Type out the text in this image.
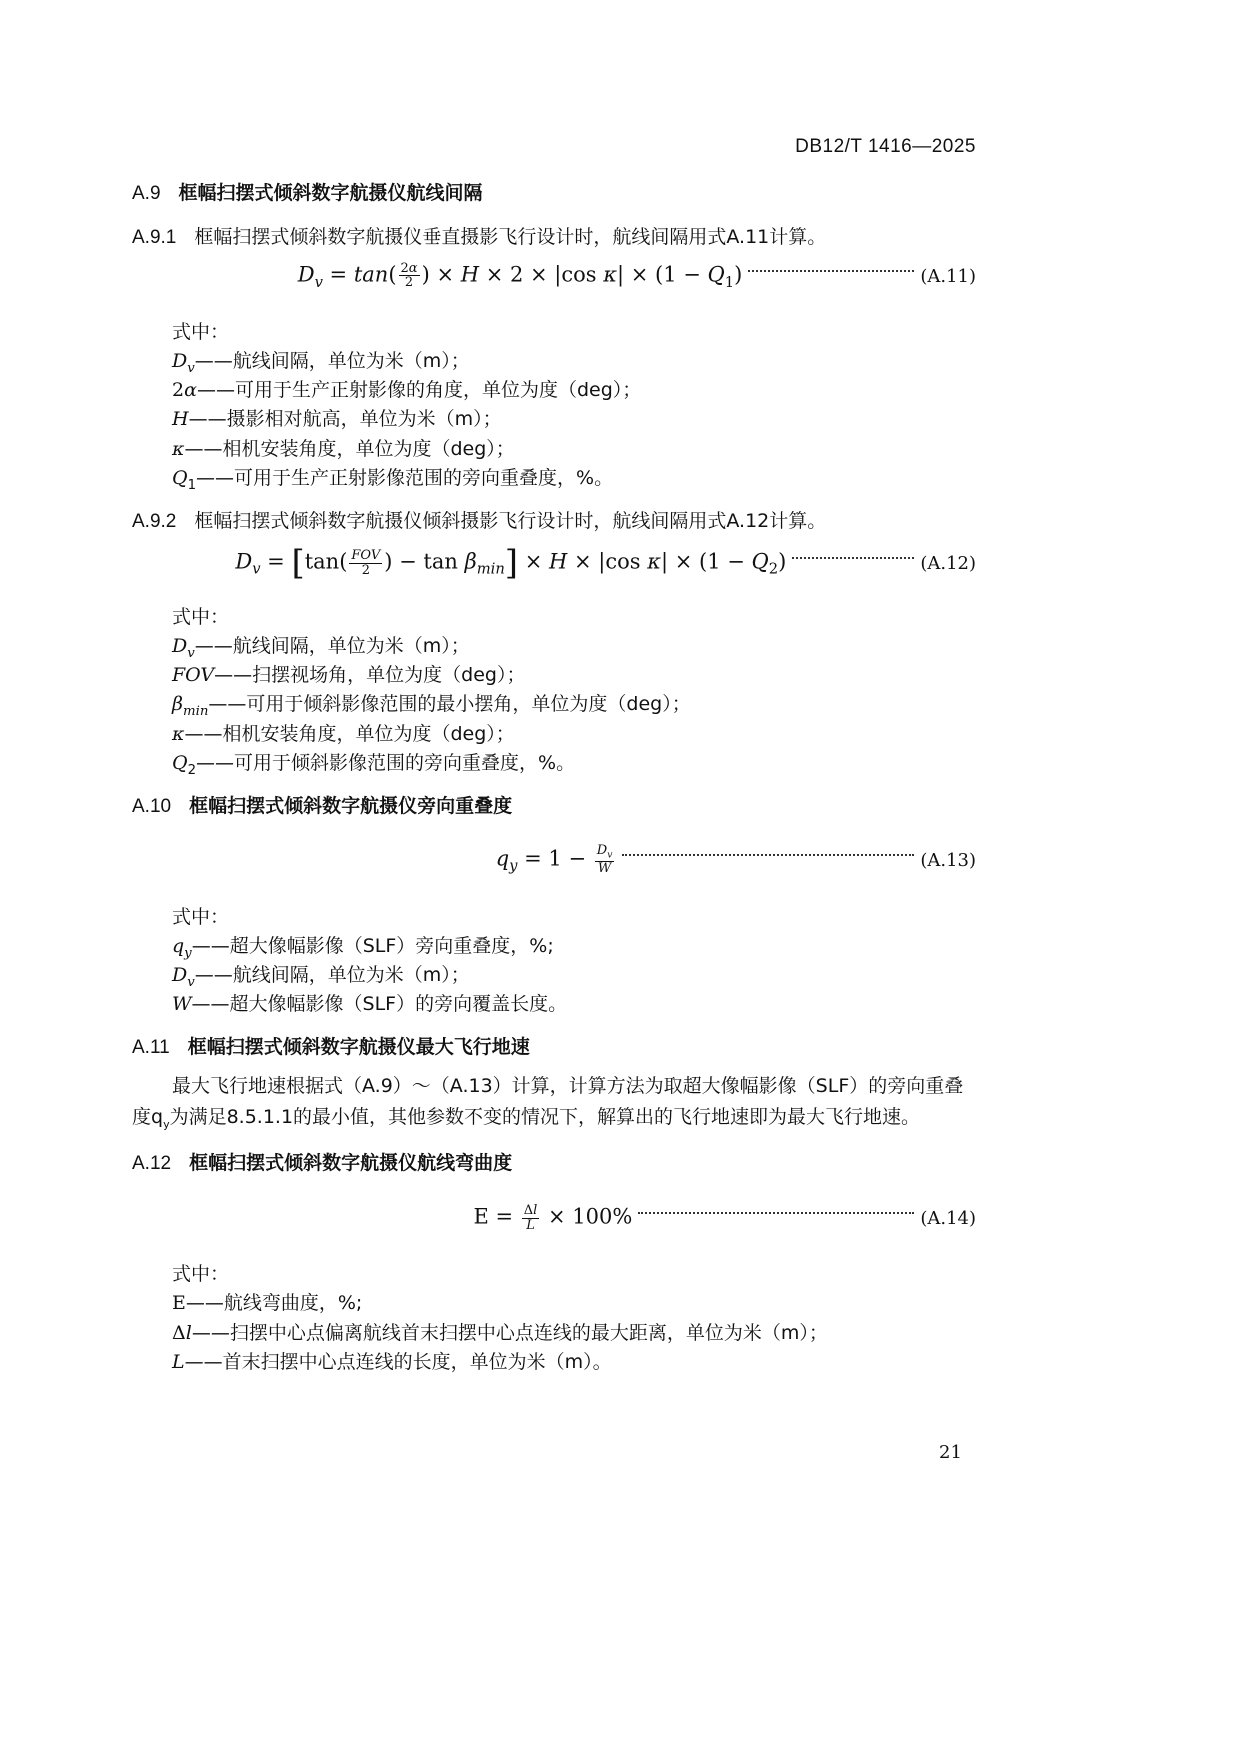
DB12/T 1416—2025
A.9 框幅扫摆式倾斜数字航摄仪航线间隔
A.9.1 框幅扫摆式倾斜数字航摄仪垂直摄影飞行设计时，航线间隔用式A.11计算。
$D_v = \tan( \frac{2\alpha}{2}$ ) × H × 2 × |cos $\kappa| \times (1 - Q_1)$	(A.11)
式中：
$D_v——$航线间隔，单位为米（m）；
2α——可用于生产正射影像的角度，单位为度（deg）；
H——摄影相对航高，单位为米（m）；
κ——相机安装角度，单位为度（deg）；
$Q_1——$可用于生产正射影像范围的旁向重叠度，%。
A.9.2 框幅扫摆式倾斜数字航摄仪倾斜摄影飞行设计时，航线间隔用式A.12计算。
$D_v = [\tan( \frac{\text{FOV}}{2}$ ) − $\tan \beta_{min}] \times H \times |\cos$ $\kappa| \times (1 - Q_2)$	(A.12)
式中：
$D_v——$航线间隔，单位为米（m）；
FOV——扫摆视场角，单位为度（deg）；
$\beta_{min}——$可用于倾斜影像范围的最小摆角，单位为度（deg）；
κ——相机安装角度，单位为度（deg）；
$Q_2——$可用于倾斜影像范围的旁向重叠度，%。
A.10 框幅扫摆式倾斜数字航摄仪旁向重叠度
$q_y = 1 - \frac{D_v}{W}$	(A.13)
式中：
$q_y——$超大像幅影像（SLF）旁向重叠度，%;
$D_v——$航线间隔，单位为米（m）；
W——超大像幅影像（SLF）的旁向覆盖长度。
A.11 框幅扫摆式倾斜数字航摄仪最大飞行地速
最大飞行地速根据式（A.9）～（A.13）计算，计算方法为取超大像幅影像（SLF）的旁向重叠
度$q_y$为满足8.5.1.1的最小值，其他参数不变的情况下，解算出的飞行地速即为最大飞行地速。
A.12 框幅扫摆式倾斜数字航摄仪航线弯曲度
$E = \frac{\Delta l}{L} \times 100\%$	(A.14)
式中：
E——航线弯曲度，%;
Δl——扫摆中心点偏离航线首末扫摆中心点连线的最大距离，单位为米（m）；
L——首末扫摆中心点连线的长度，单位为米（m）。
21
